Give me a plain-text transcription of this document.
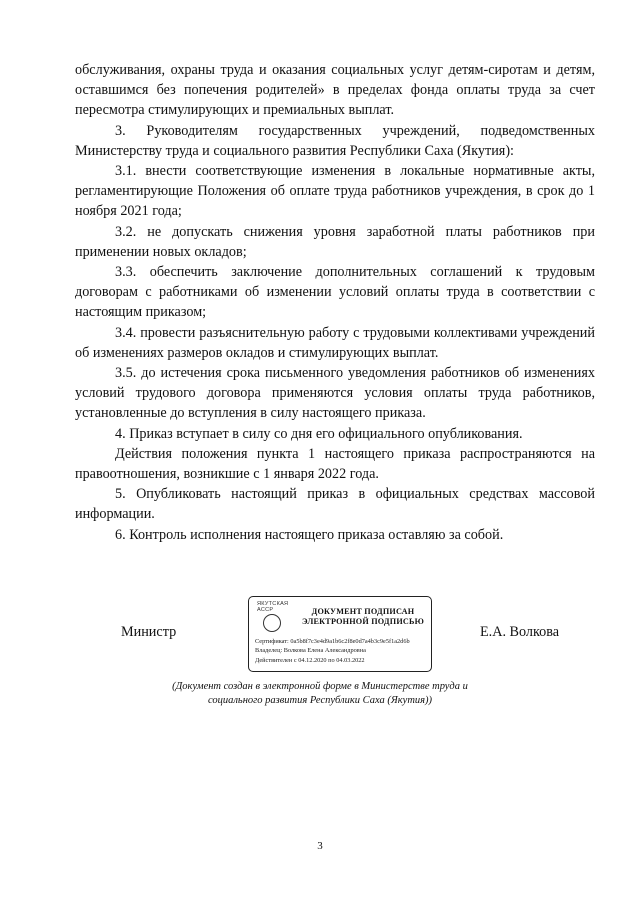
обслуживания, охраны труда и оказания социальных услуг детям-сиротам и детям, оставшимся без попечения родителей» в пределах фонда оплаты труда за счет пересмотра стимулирующих и премиальных выплат.

3. Руководителям государственных учреждений, подведомственных Министерству труда и социального развития Республики Саха (Якутия):

3.1. внести соответствующие изменения в локальные нормативные акты, регламентирующие Положения об оплате труда работников учреждения, в срок до 1 ноября 2021 года;

3.2. не допускать снижения уровня заработной платы работников при применении новых окладов;

3.3. обеспечить заключение дополнительных соглашений к трудовым договорам с работниками об изменении условий оплаты труда в соответствии с настоящим приказом;

3.4. провести разъяснительную работу с трудовыми коллективами учреждений об изменениях размеров окладов и стимулирующих выплат.

3.5. до истечения срока письменного уведомления работников об изменениях условий трудового договора применяются условия оплаты труда работников, установленные до вступления в силу настоящего приказа.

4. Приказ вступает в силу со дня его официального опубликования.

Действия положения пункта 1 настоящего приказа распространяются на правоотношения, возникшие с 1 января 2022 года.

5. Опубликовать настоящий приказ в официальных средствах массовой информации.

6. Контроль исполнения настоящего приказа оставляю за собой.

Министр
ЯКУТСКАЯ АССР	ДОКУМЕНТ ПОДПИСАН
ЭЛЕКТРОННОЙ ПОДПИСЬЮ
Сертификат: 0a5b8f7c3e4d9a1b6c2f8e0d7a4b3c9e5f1a2d6b
Владелец: Волкова Елена Александровна
Действителен с 04.12.2020 по 04.03.2022
Е.А. Волкова
(Документ создан в электронной форме в Министерстве труда и социального развития Республики Саха (Якутия))
3
